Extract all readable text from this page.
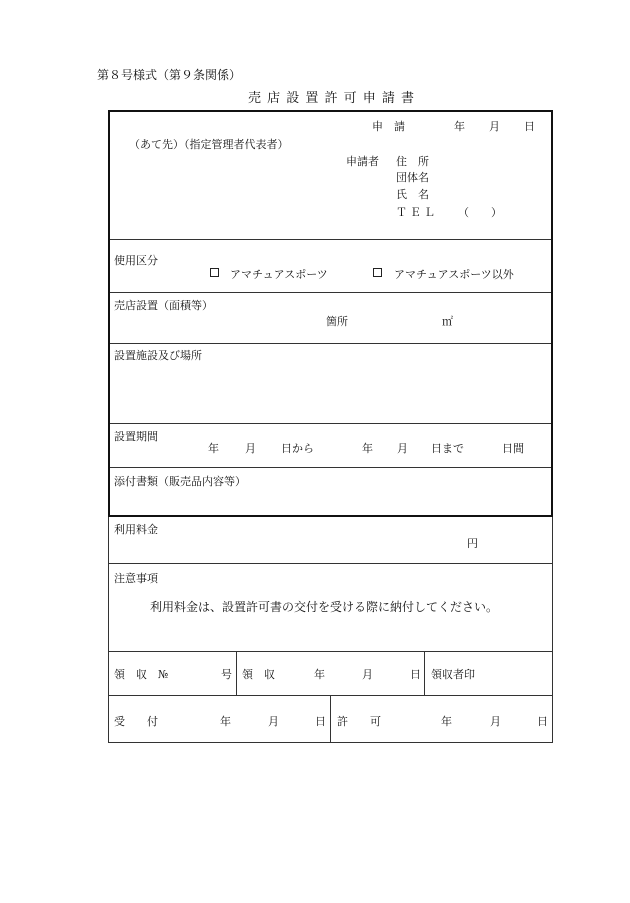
第８号様式（第９条関係）
売 店 設 置 許 可 申 請 書
申　請	年 月 日
（あて先）（指定管理者代表者）
申請者 住　所
団体名
氏　名
ＴＥＬ （　　）
使用区分
アマチュアスポーツ	アマチュアスポーツ以外
売店設置（面積等）
箇所	㎡
設置施設及び場所
設置期間
年 月 日から	年 月 日まで	日間
添付書類（販売品内容等）
利用料金
円
注意事項
利用料金は、設置許可書の交付を受ける際に納付してください。
領　収　№	号 領　収	年	月	日 領収者印
受　　付	年	月	日 許　　可	年	月	日
